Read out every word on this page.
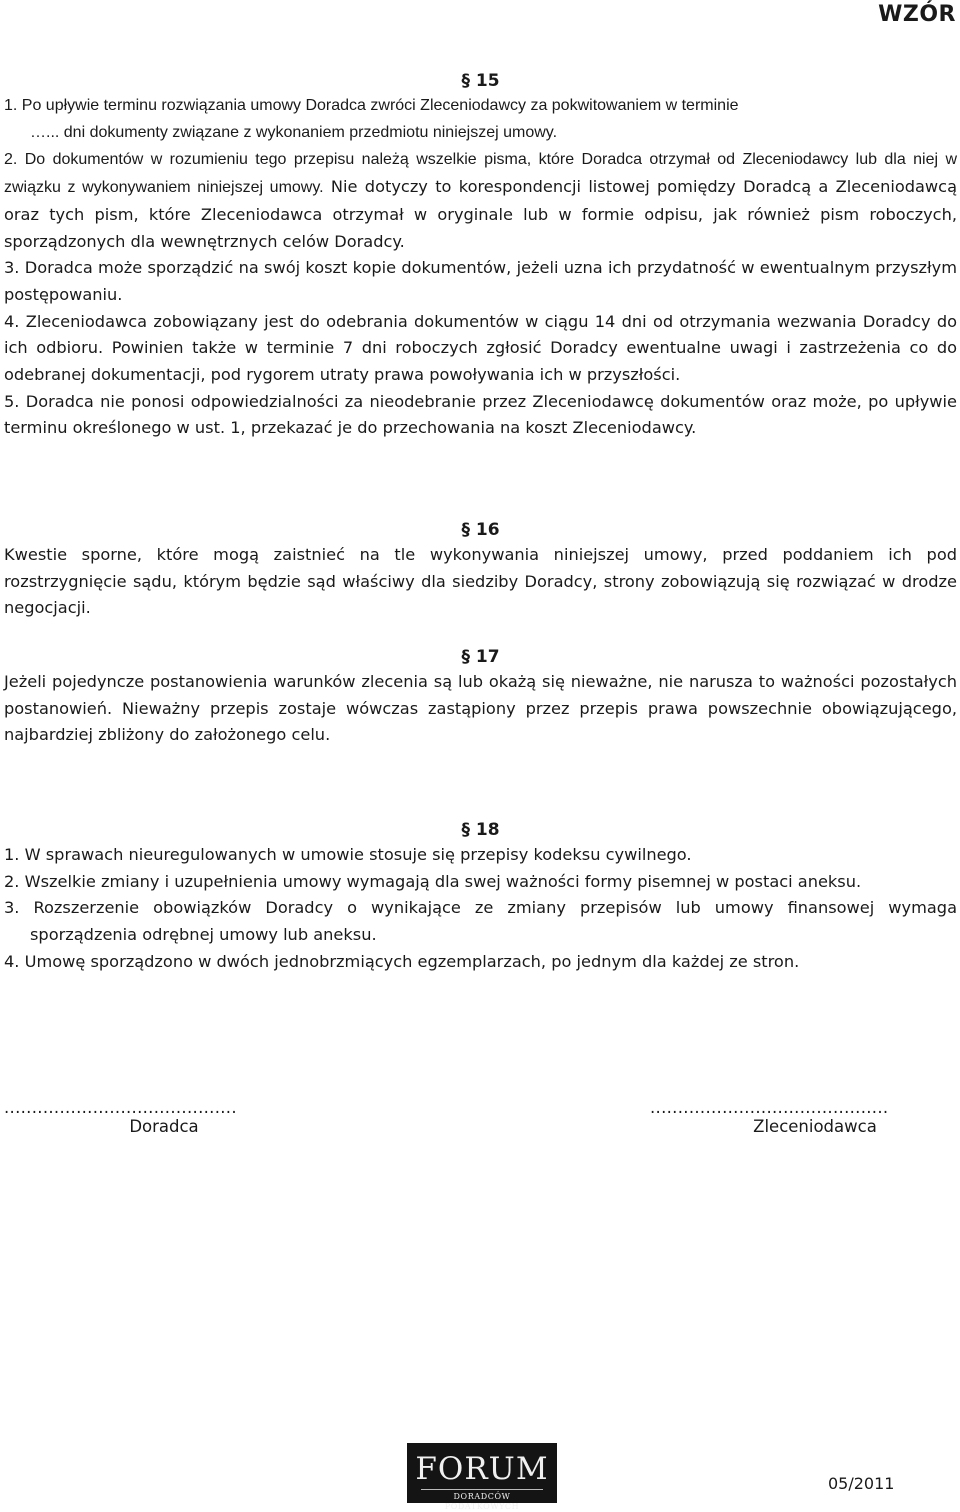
WZÓR
§ 15

1. Po upływie terminu rozwiązania umowy Doradca zwróci Zleceniodawcy za pokwitowaniem w terminie

…... dni dokumenty związane z wykonaniem przedmiotu niniejszej umowy.

2. Do dokumentów w rozumieniu tego przepisu należą wszelkie pisma, które Doradca otrzymał od Zleceniodawcy lub dla niej w związku z wykonywaniem niniejszej umowy. Nie dotyczy to korespondencji listowej pomiędzy Doradcą a Zleceniodawcą oraz tych pism, które Zleceniodawca otrzymał w oryginale lub w formie odpisu, jak również pism roboczych, sporządzonych dla wewnętrznych celów Doradcy.

3. Doradca może sporządzić na swój koszt kopie dokumentów, jeżeli uzna ich przydatność w ewentualnym przyszłym postępowaniu.

4. Zleceniodawca zobowiązany jest do odebrania dokumentów w ciągu 14 dni od otrzymania wezwania Doradcy do ich odbioru. Powinien także w terminie 7 dni roboczych zgłosić Doradcy ewentualne uwagi i zastrzeżenia co do odebranej dokumentacji, pod rygorem utraty prawa powoływania ich w przyszłości.

5. Doradca nie ponosi odpowiedzialności za nieodebranie przez Zleceniodawcę dokumentów oraz może, po upływie terminu określonego w ust. 1, przekazać je do przechowania na koszt Zleceniodawcy.

§ 16

Kwestie sporne, które mogą zaistnieć na tle wykonywania niniejszej umowy, przed poddaniem ich pod rozstrzygnięcie sądu, którym będzie sąd właściwy dla siedziby Doradcy, strony zobowiązują się rozwiązać w drodze negocjacji.

§ 17

Jeżeli pojedyncze postanowienia warunków zlecenia są lub okażą się nieważne, nie narusza to ważności pozostałych postanowień. Nieważny przepis zostaje wówczas zastąpiony przez przepis prawa powszechnie obowiązującego, najbardziej zbliżony do założonego celu.

§ 18

1. W sprawach nieuregulowanych w umowie stosuje się przepisy kodeksu cywilnego.

2. Wszelkie zmiany i uzupełnienia umowy wymagają dla swej ważności formy pisemnej w postaci aneksu.

3. Rozszerzenie obowiązków Doradcy o wynikające ze zmiany przepisów lub umowy finansowej wymaga sporządzenia odrębnej umowy lub aneksu.

4. Umowę sporządzono w dwóch jednobrzmiących egzemplarzach, po jednym dla każdej ze stron.

..........................................
Doradca
...........................................
Zleceniodawca
FORUM
DORADCÓW PODATKOWYCH
05/2011
